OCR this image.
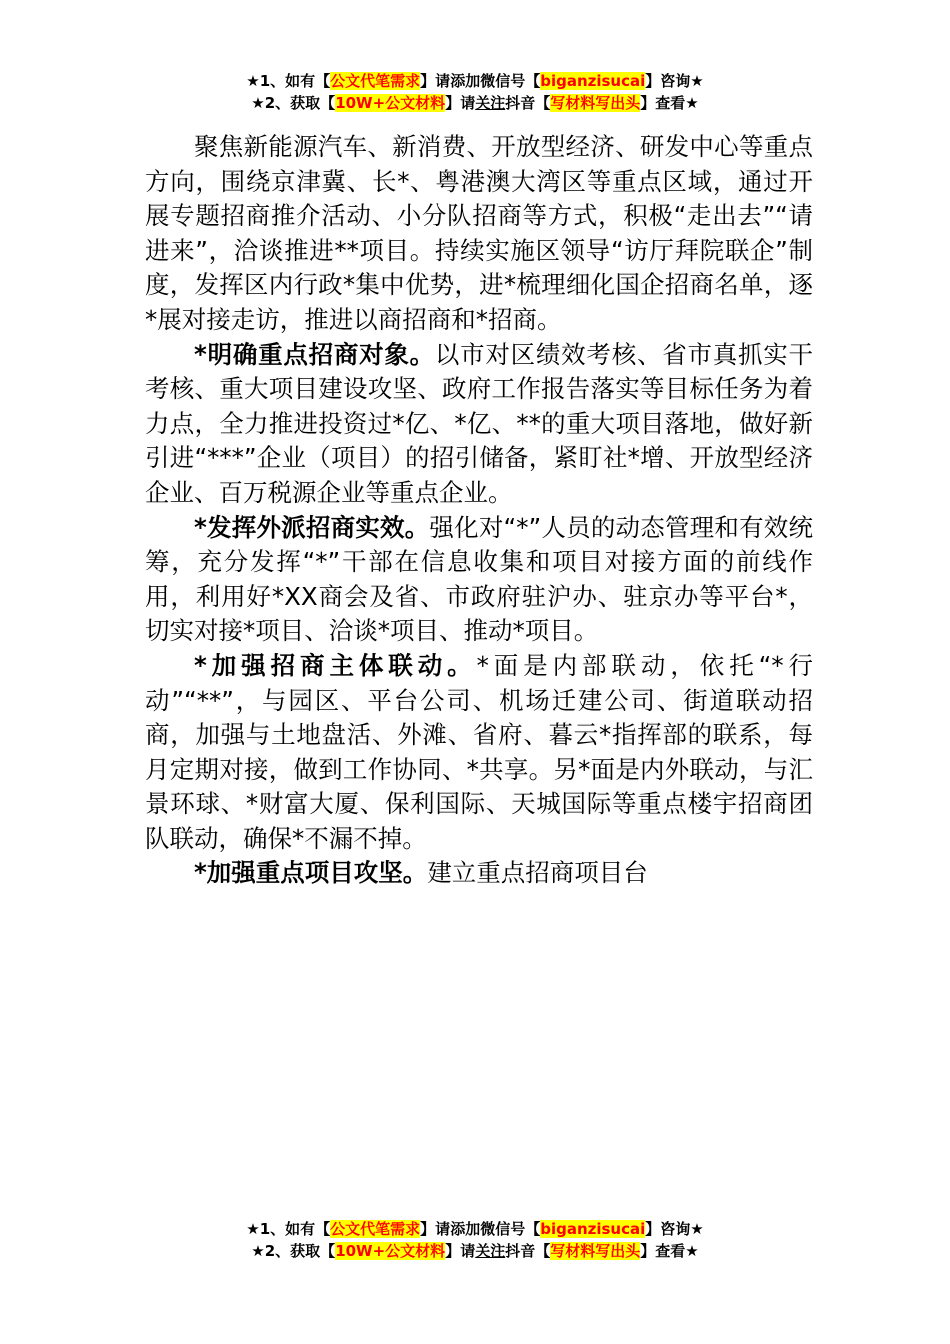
★1、如有【公文代笔需求】请添加微信号【biganzisucai】咨询★
★2、获取【10W+公文材料】请关注抖音【写材料写出头】查看★

聚焦新能源汽车、新消费、开放型经济、研发中心等重点方向，围绕京津冀、长*、粤港澳大湾区等重点区域，通过开展专题招商推介活动、小分队招商等方式，积极“走出去”“请进来”，洽谈推进**项目。持续实施区领导“访厅拜院联企”制度，发挥区内行政*集中优势，进*梳理细化国企招商名单，逐*展对接走访，推进以商招商和*招商。

*明确重点招商对象。以市对区绩效考核、省市真抓实干考核、重大项目建设攻坚、政府工作报告落实等目标任务为着力点，全力推进投资过*亿、*亿、**的重大项目落地，做好新引进“***”企业（项目）的招引储备，紧盯社*增、开放型经济企业、百万税源企业等重点企业。

*发挥外派招商实效。强化对“*”人员的动态管理和有效统筹，充分发挥“*”干部在信息收集和项目对接方面的前线作用，利用好*XX商会及省、市政府驻沪办、驻京办等平台*，切实对接*项目、洽谈*项目、推动*项目。

*加强招商主体联动。*面是内部联动，依托“*行动”“**”，与园区、平台公司、机场迁建公司、街道联动招商，加强与土地盘活、外滩、省府、暮云*指挥部的联系，每月定期对接，做到工作协同、*共享。另*面是内外联动，与汇景环球、*财富大厦、保利国际、天城国际等重点楼宇招商团队联动，确保*不漏不掉。

*加强重点项目攻坚。建立重点招商项目台

★1、如有【公文代笔需求】请添加微信号【biganzisucai】咨询★
★2、获取【10W+公文材料】请关注抖音【写材料写出头】查看★
